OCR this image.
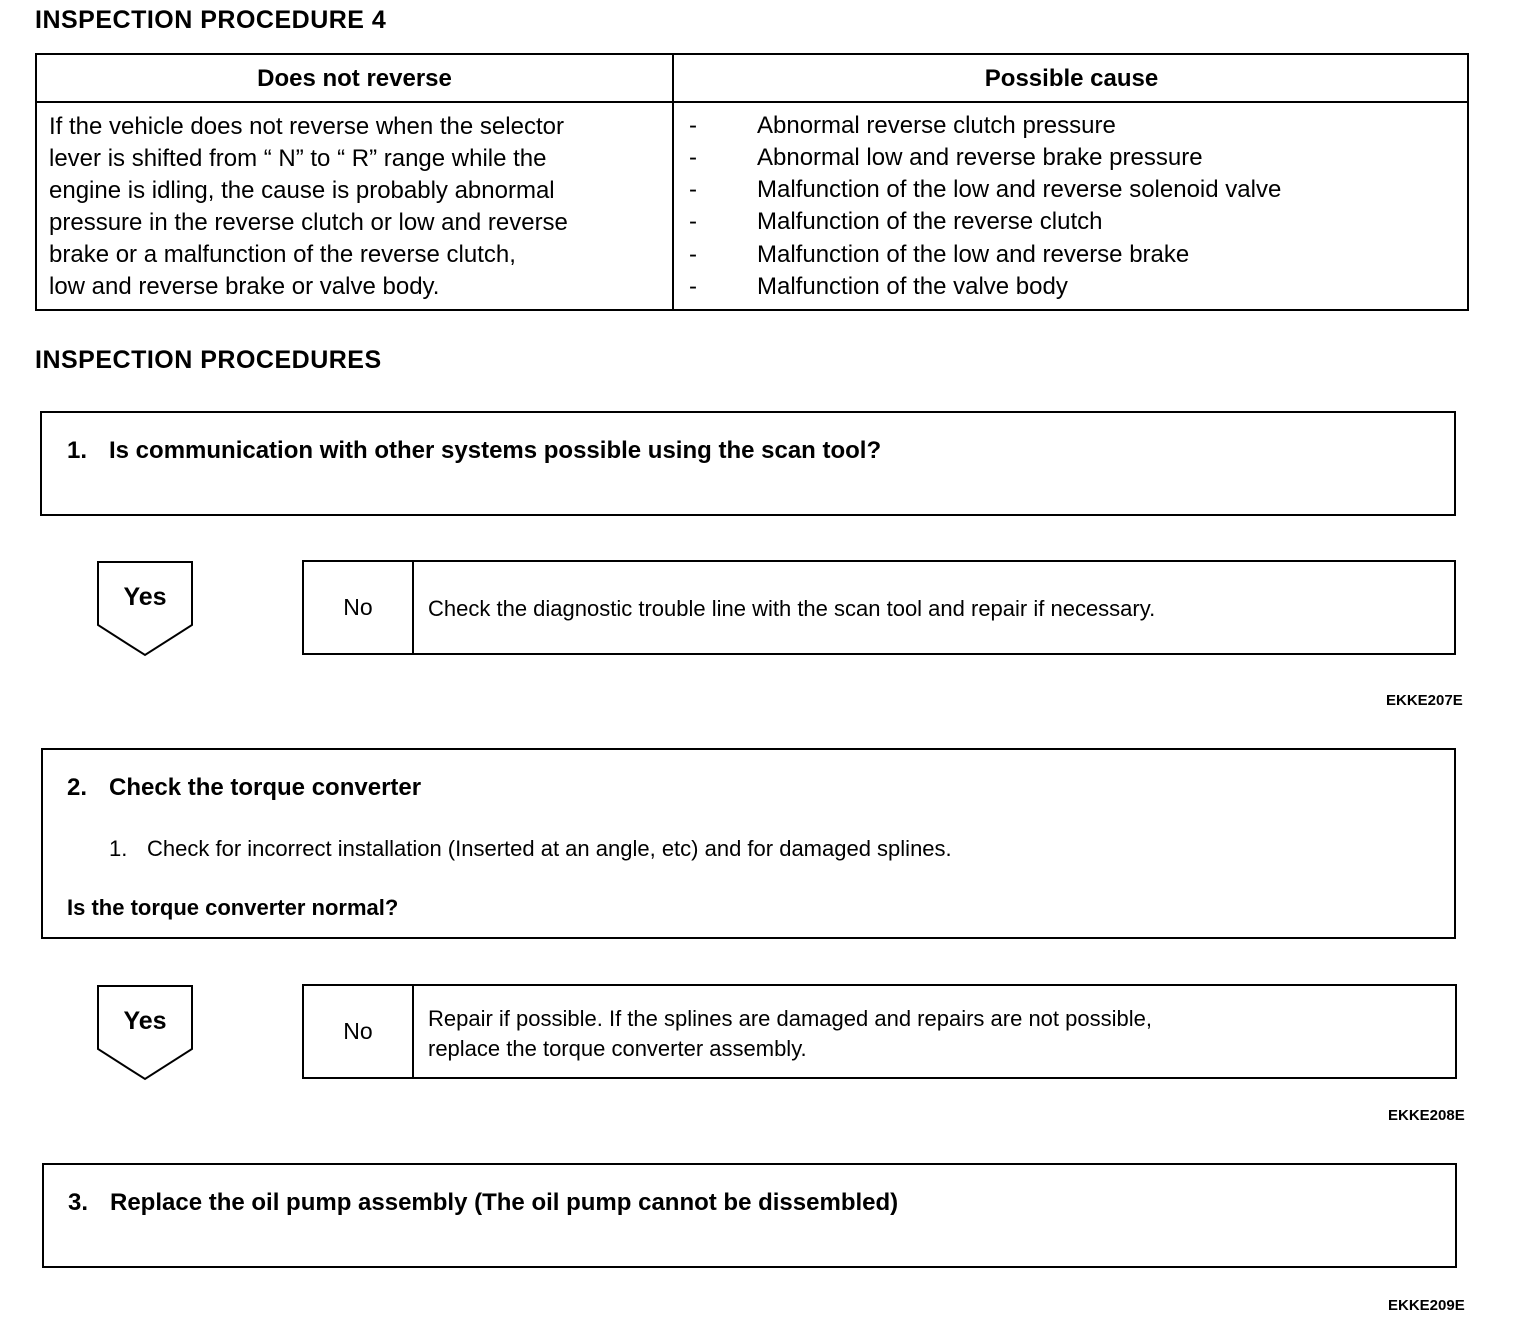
INSPECTION PROCEDURE 4
Does not reverse	Possible cause
If the vehicle does not reverse when the selector
lever is shifted from “ N” to “ R” range while the
engine is idling, the cause is probably abnormal
pressure in the reverse clutch or low and reverse
brake or a malfunction of the reverse clutch,
low and reverse brake or valve body.
-	Abnormal reverse clutch pressure
-	Abnormal low and reverse brake pressure
-	Malfunction of the low and reverse solenoid valve
-	Malfunction of the reverse clutch
-	Malfunction of the low and reverse brake
-	Malfunction of the valve body
INSPECTION PROCEDURES
1. Is communication with other systems possible using the scan tool?
Yes	No	Check the diagnostic trouble line with the scan tool and repair if necessary.
EKKE207E
2. Check the torque converter
1. Check for incorrect installation (Inserted at an angle, etc) and for damaged splines.
Is the torque converter normal?
Yes	No	Repair if possible. If the splines are damaged and repairs are not possible,
replace the torque converter assembly.
EKKE208E
3. Replace the oil pump assembly (The oil pump cannot be dissembled)
EKKE209E
